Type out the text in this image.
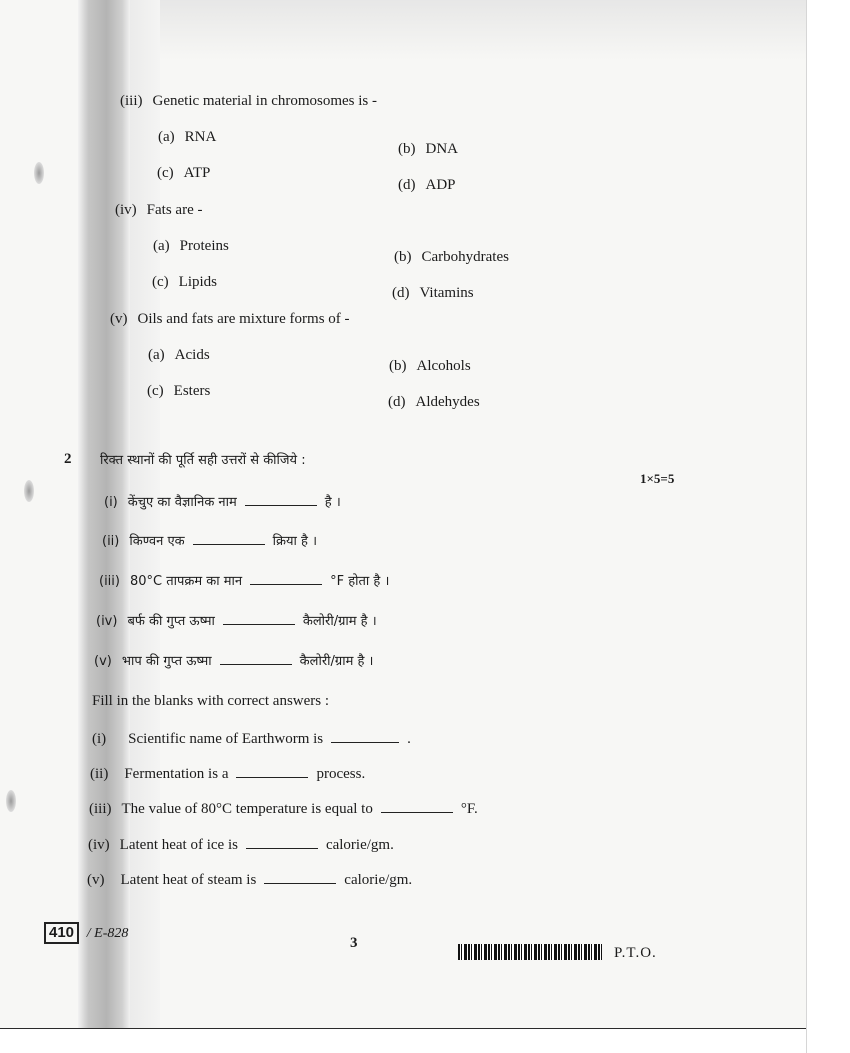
(iii) Genetic material in chromosomes is -
(a) RNA
(b) DNA
(c) ATP
(d) ADP
(iv) Fats are -
(a) Proteins
(b) Carbohydrates
(c) Lipids
(d) Vitamins
(v) Oils and fats are mixture forms of -
(a) Acids
(b) Alcohols
(c) Esters
(d) Aldehydes
2 रिक्त स्थानों की पूर्ति सही उत्तरों से कीजिये :
1×5=5
(i) केंचुए का वैज्ञानिक नाम	है ।
(ii) किण्वन एक	क्रिया है ।
(iii) 80°C तापक्रम का मान	°F होता है ।
(iv) बर्फ की गुप्त ऊष्मा	कैलोरी/ग्राम है ।
(v) भाप की गुप्त ऊष्मा	कैलोरी/ग्राम है ।
Fill in the blanks with correct answers :
(i) Scientific name of Earthworm is	.
(ii) Fermentation is a	process.
(iii) The value of 80°C temperature is equal to	°F.
(iv) Latent heat of ice is	calorie/gm.
(v) Latent heat of steam is	calorie/gm.
410 / E-828
3
P.T.O.
